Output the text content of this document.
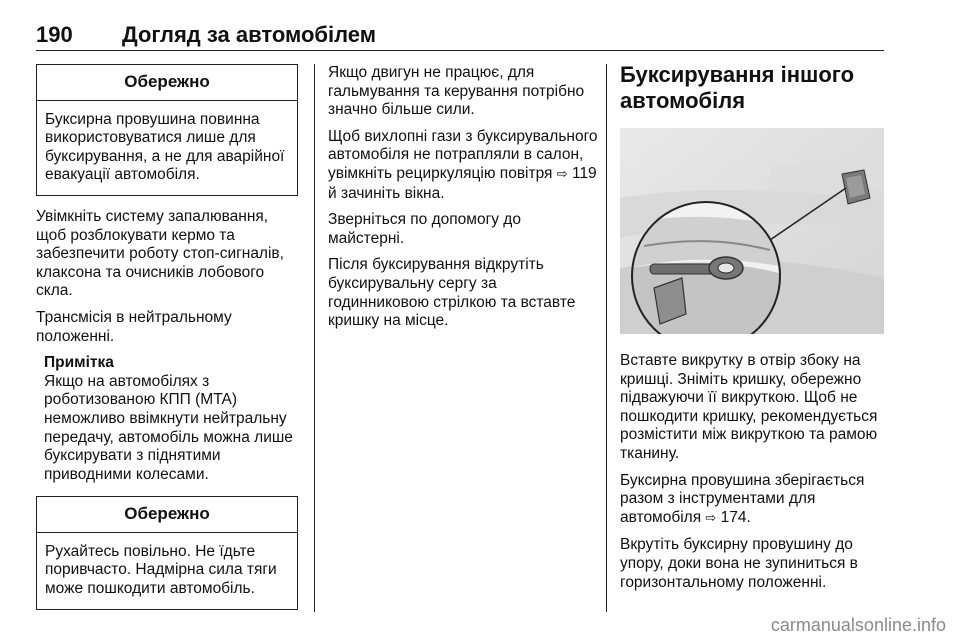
190 Догляд за автомобілем
Обережно
Буксирна провушина повинна використовуватися лише для буксирування, а не для аварійної евакуації автомобіля.

Увімкніть систему запалювання, щоб розблокувати кермо та забезпечити роботу стоп-сигналів, клаксона та очисників лобового скла.

Трансмісія в нейтральному положенні.

Примітка
Якщо на автомобілях з роботизованою КПП (MTA) неможливо ввімкнути нейтральну передачу, автомобіль можна лише буксирувати з піднятими приводними колесами.
Обережно
Рухайтесь повільно. Не їдьте поривчасто. Надмірна сила тяги може пошкодити автомобіль.

Якщо двигун не працює, для гальмування та керування потрібно значно більше сили.

Щоб вихлопні гази з буксирувального автомобіля не потрапляли в салон, увімкніть рециркуляцію повітря ⇨ 119 й зачиніть вікна.

Зверніться по допомогу до майстерні.

Після буксирування відкрутіть буксирувальну сергу за годинниковою стрілкою та вставте кришку на місце.

Буксирування іншого автомобіля

Вставте викрутку в отвір збоку на кришці. Зніміть кришку, обережно підважуючи її викруткою. Щоб не пошкодити кришку, рекомендується розмістити між викруткою та рамою тканину.

Буксирна провушина зберігається разом з інструментами для автомобіля ⇨ 174.

Вкрутіть буксирну провушину до упору, доки вона не зупиниться в горизонтальному положенні.

carmanualsonline.info
